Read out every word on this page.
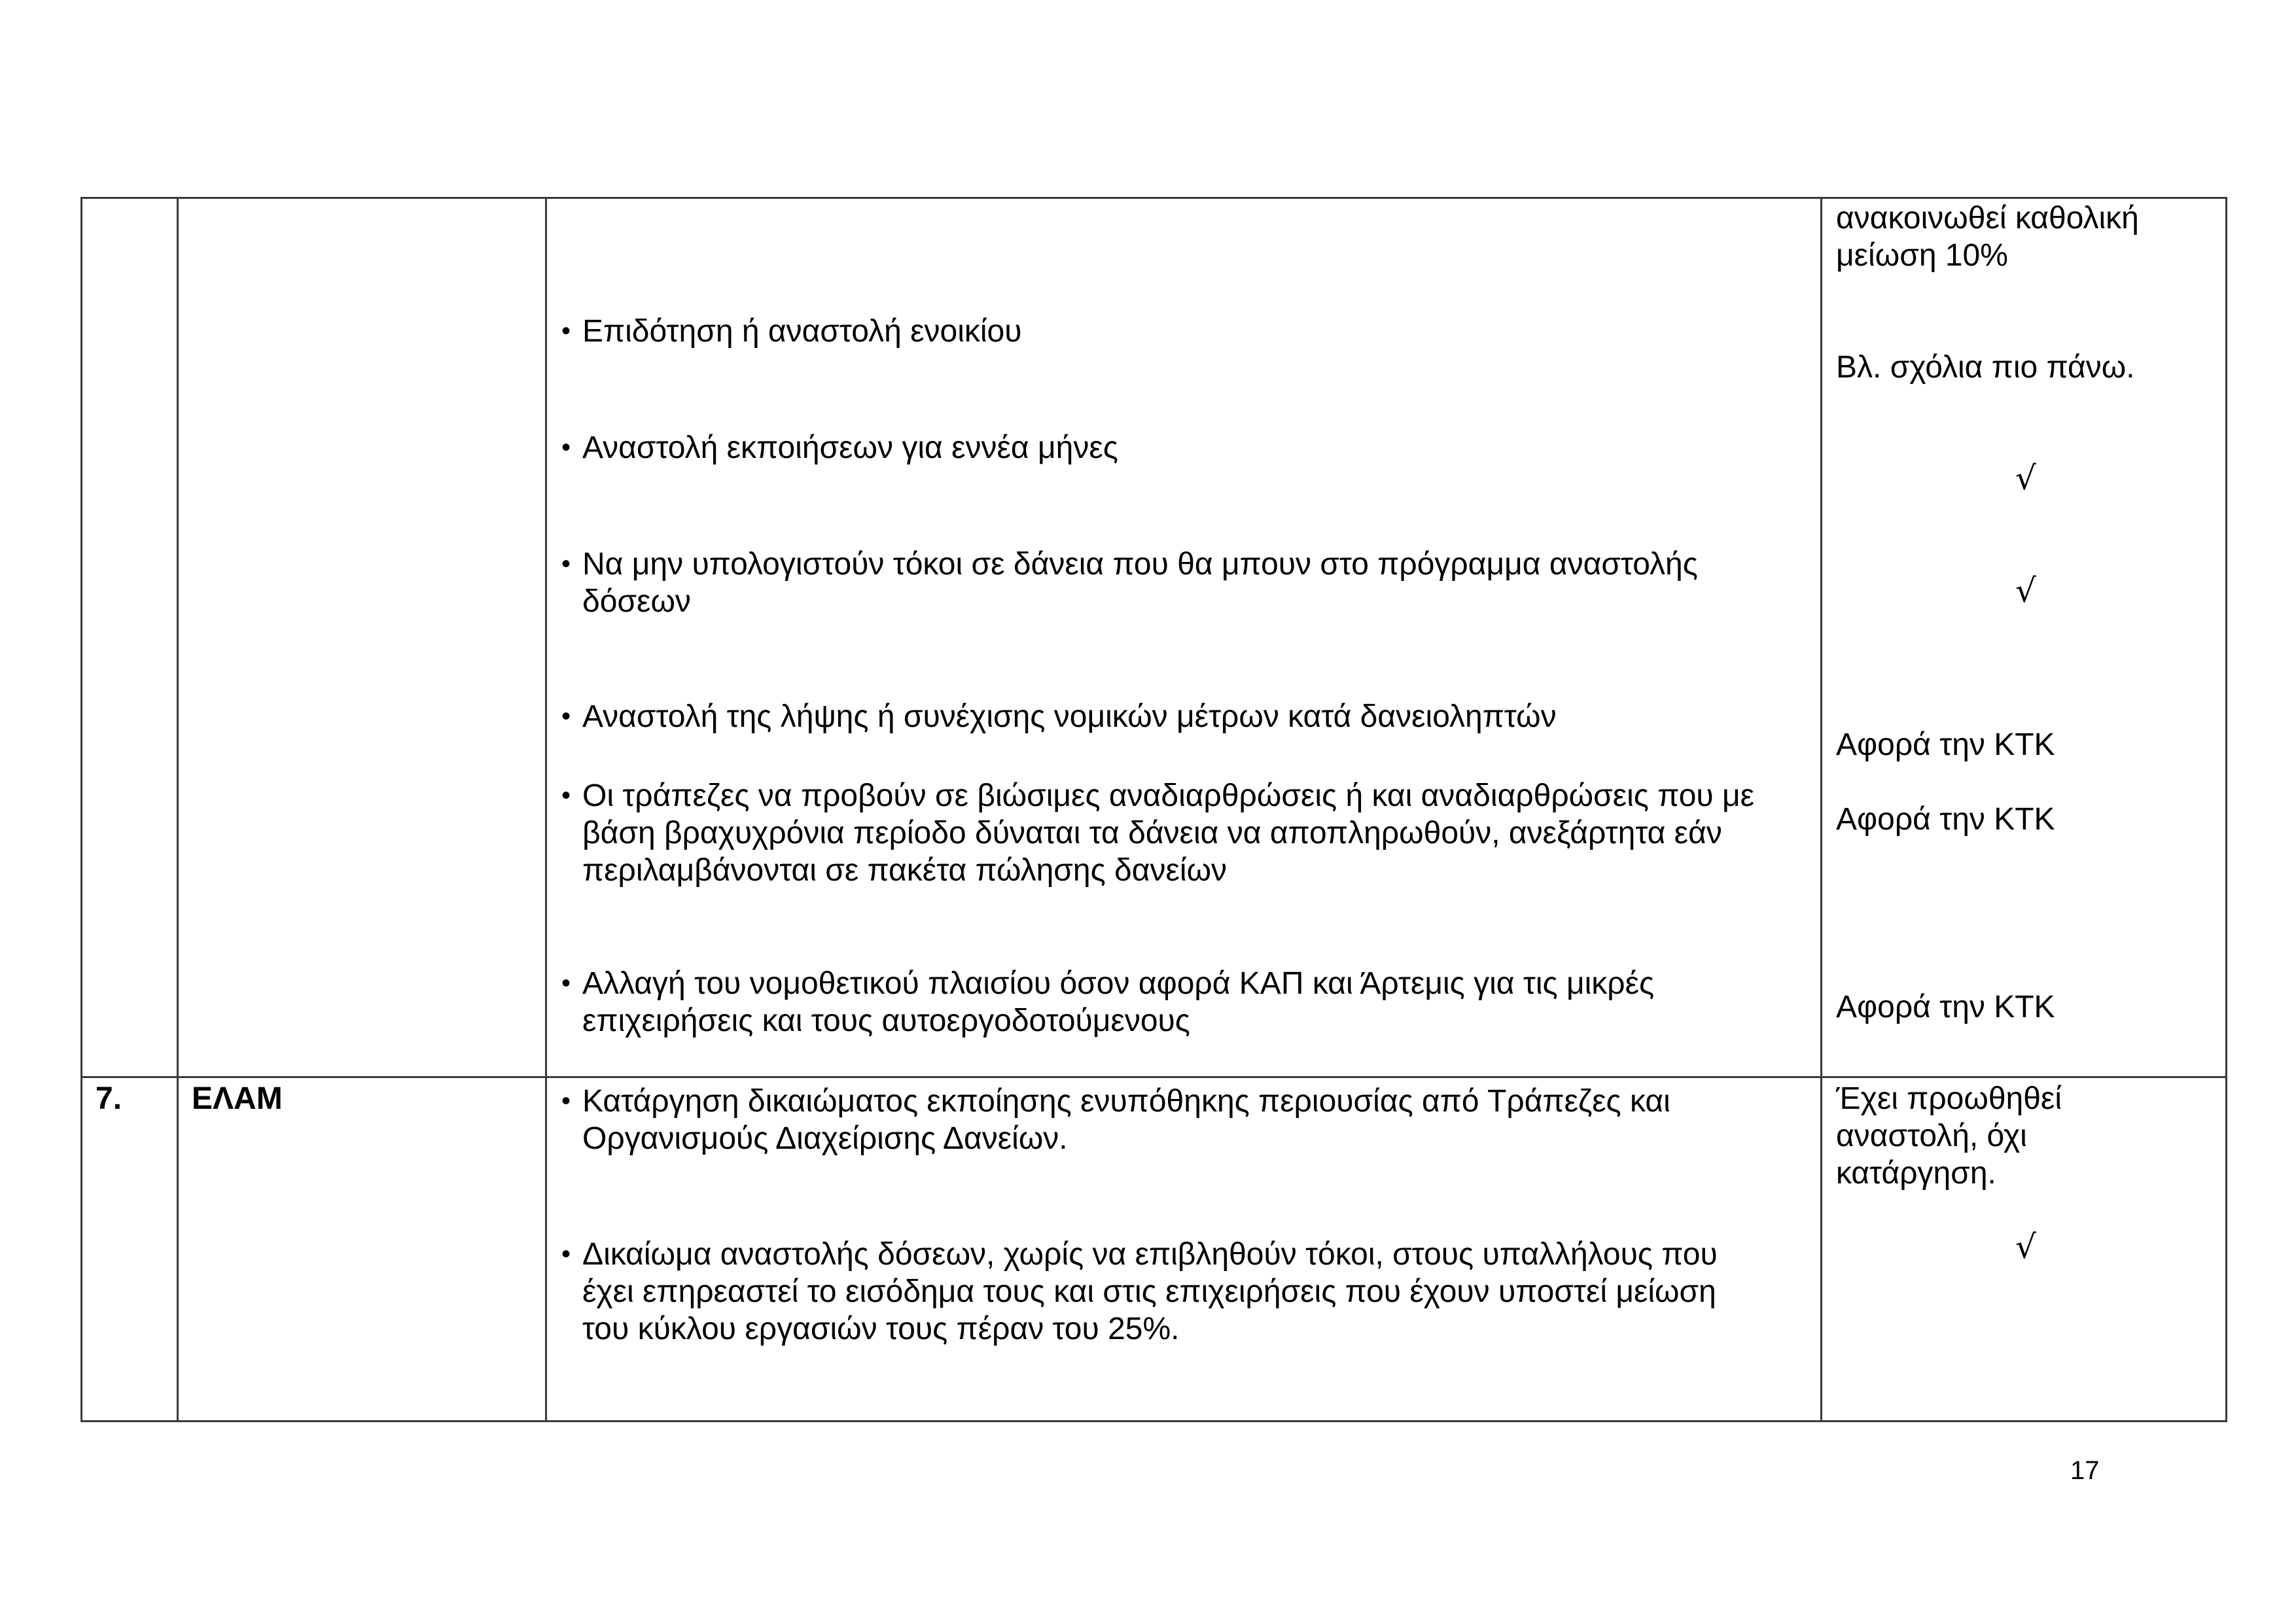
• Επιδότηση ή αναστολή ενοικίου
• Αναστολή εκποιήσεων για εννέα μήνες
• Να μην υπολογιστούν τόκοι σε δάνεια που θα μπουν στο πρόγραμμα αναστολής
δόσεων
• Αναστολή της λήψης ή συνέχισης νομικών μέτρων κατά δανειοληπτών
• Οι τράπεζες να προβούν σε βιώσιμες αναδιαρθρώσεις ή και αναδιαρθρώσεις που με
βάση βραχυχρόνια περίοδο δύναται τα δάνεια να αποπληρωθούν, ανεξάρτητα εάν
περιλαμβάνονται σε πακέτα πώλησης δανείων
• Αλλαγή του νομοθετικού πλαισίου όσον αφορά ΚΑΠ και Άρτεμις για τις μικρές
επιχειρήσεις και τους αυτοεργοδοτούμενους
ανακοινωθεί καθολική
μείωση 10%
Βλ. σχόλια πιο πάνω.
√
√
Αφορά την ΚΤΚ
Αφορά την ΚΤΚ
Αφορά την ΚΤΚ
7. ΕΛΑΜ	• Κατάργηση δικαιώματος εκποίησης ενυπόθηκης περιουσίας από Τράπεζες και
Οργανισμούς Διαχείρισης Δανείων.
• Δικαίωμα αναστολής δόσεων, χωρίς να επιβληθούν τόκοι, στους υπαλλήλους που
έχει επηρεαστεί το εισόδημα τους και στις επιχειρήσεις που έχουν υποστεί μείωση
του κύκλου εργασιών τους πέραν του 25%.
Έχει προωθηθεί
αναστολή, όχι
κατάργηση.
√
17
